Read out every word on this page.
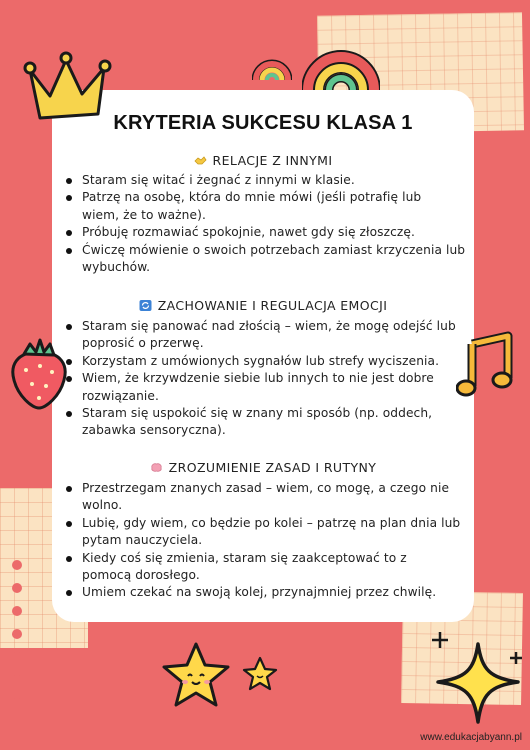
KRYTERIA SUKCESU KLASA 1
RELACJE Z INNYMI
Staram się witać i żegnać z innymi w klasie.
Patrzę na osobę, która do mnie mówi (jeśli potrafię lub wiem, że to ważne).
Próbuję rozmawiać spokojnie, nawet gdy się złoszczę.
Ćwiczę mówienie o swoich potrzebach zamiast krzyczenia lub wybuchów.
ZACHOWANIE I REGULACJA EMOCJI
Staram się panować nad złością – wiem, że mogę odejść lub poprosić o przerwę.
Korzystam z umówionych sygnałów lub strefy wyciszenia.
Wiem, że krzywdzenie siebie lub innych to nie jest dobre rozwiązanie.
Staram się uspokoić się w znany mi sposób (np. oddech, zabawka sensoryczna).
ZROZUMIENIE ZASAD I RUTYNY
Przestrzegam znanych zasad – wiem, co mogę, a czego nie wolno.
Lubię, gdy wiem, co będzie po kolei – patrzę na plan dnia lub pytam nauczyciela.
Kiedy coś się zmienia, staram się zaakceptować to z pomocą dorosłego.
Umiem czekać na swoją kolej, przynajmniej przez chwilę.
www.edukacjabyann.pl
